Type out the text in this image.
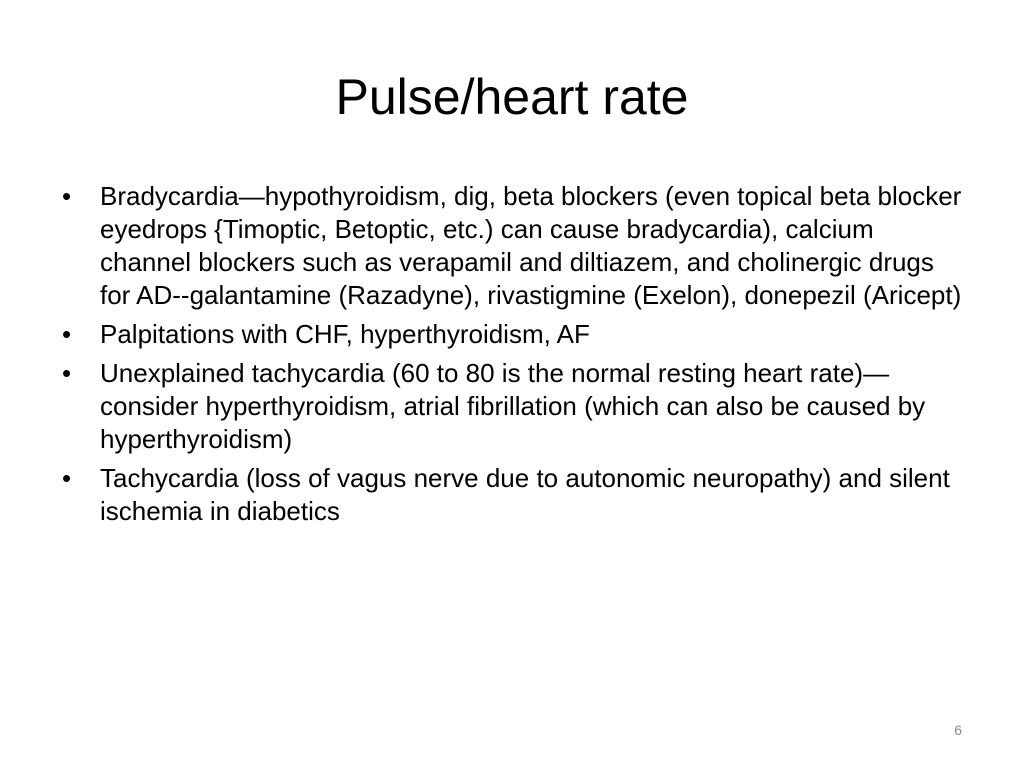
Pulse/heart rate
•	Bradycardia—hypothyroidism, dig, beta blockers (even topical beta blocker eyedrops {Timoptic, Betoptic, etc.) can cause bradycardia), calcium channel blockers such as verapamil and diltiazem, and cholinergic drugs for AD--galantamine (Razadyne), rivastigmine (Exelon), donepezil (Aricept)
•	Palpitations with CHF, hyperthyroidism, AF
•	Unexplained tachycardia (60 to 80 is the normal resting heart rate)—consider hyperthyroidism, atrial fibrillation (which can also be caused by hyperthyroidism)
•	Tachycardia (loss of vagus nerve due to autonomic neuropathy) and silent ischemia in diabetics
6
